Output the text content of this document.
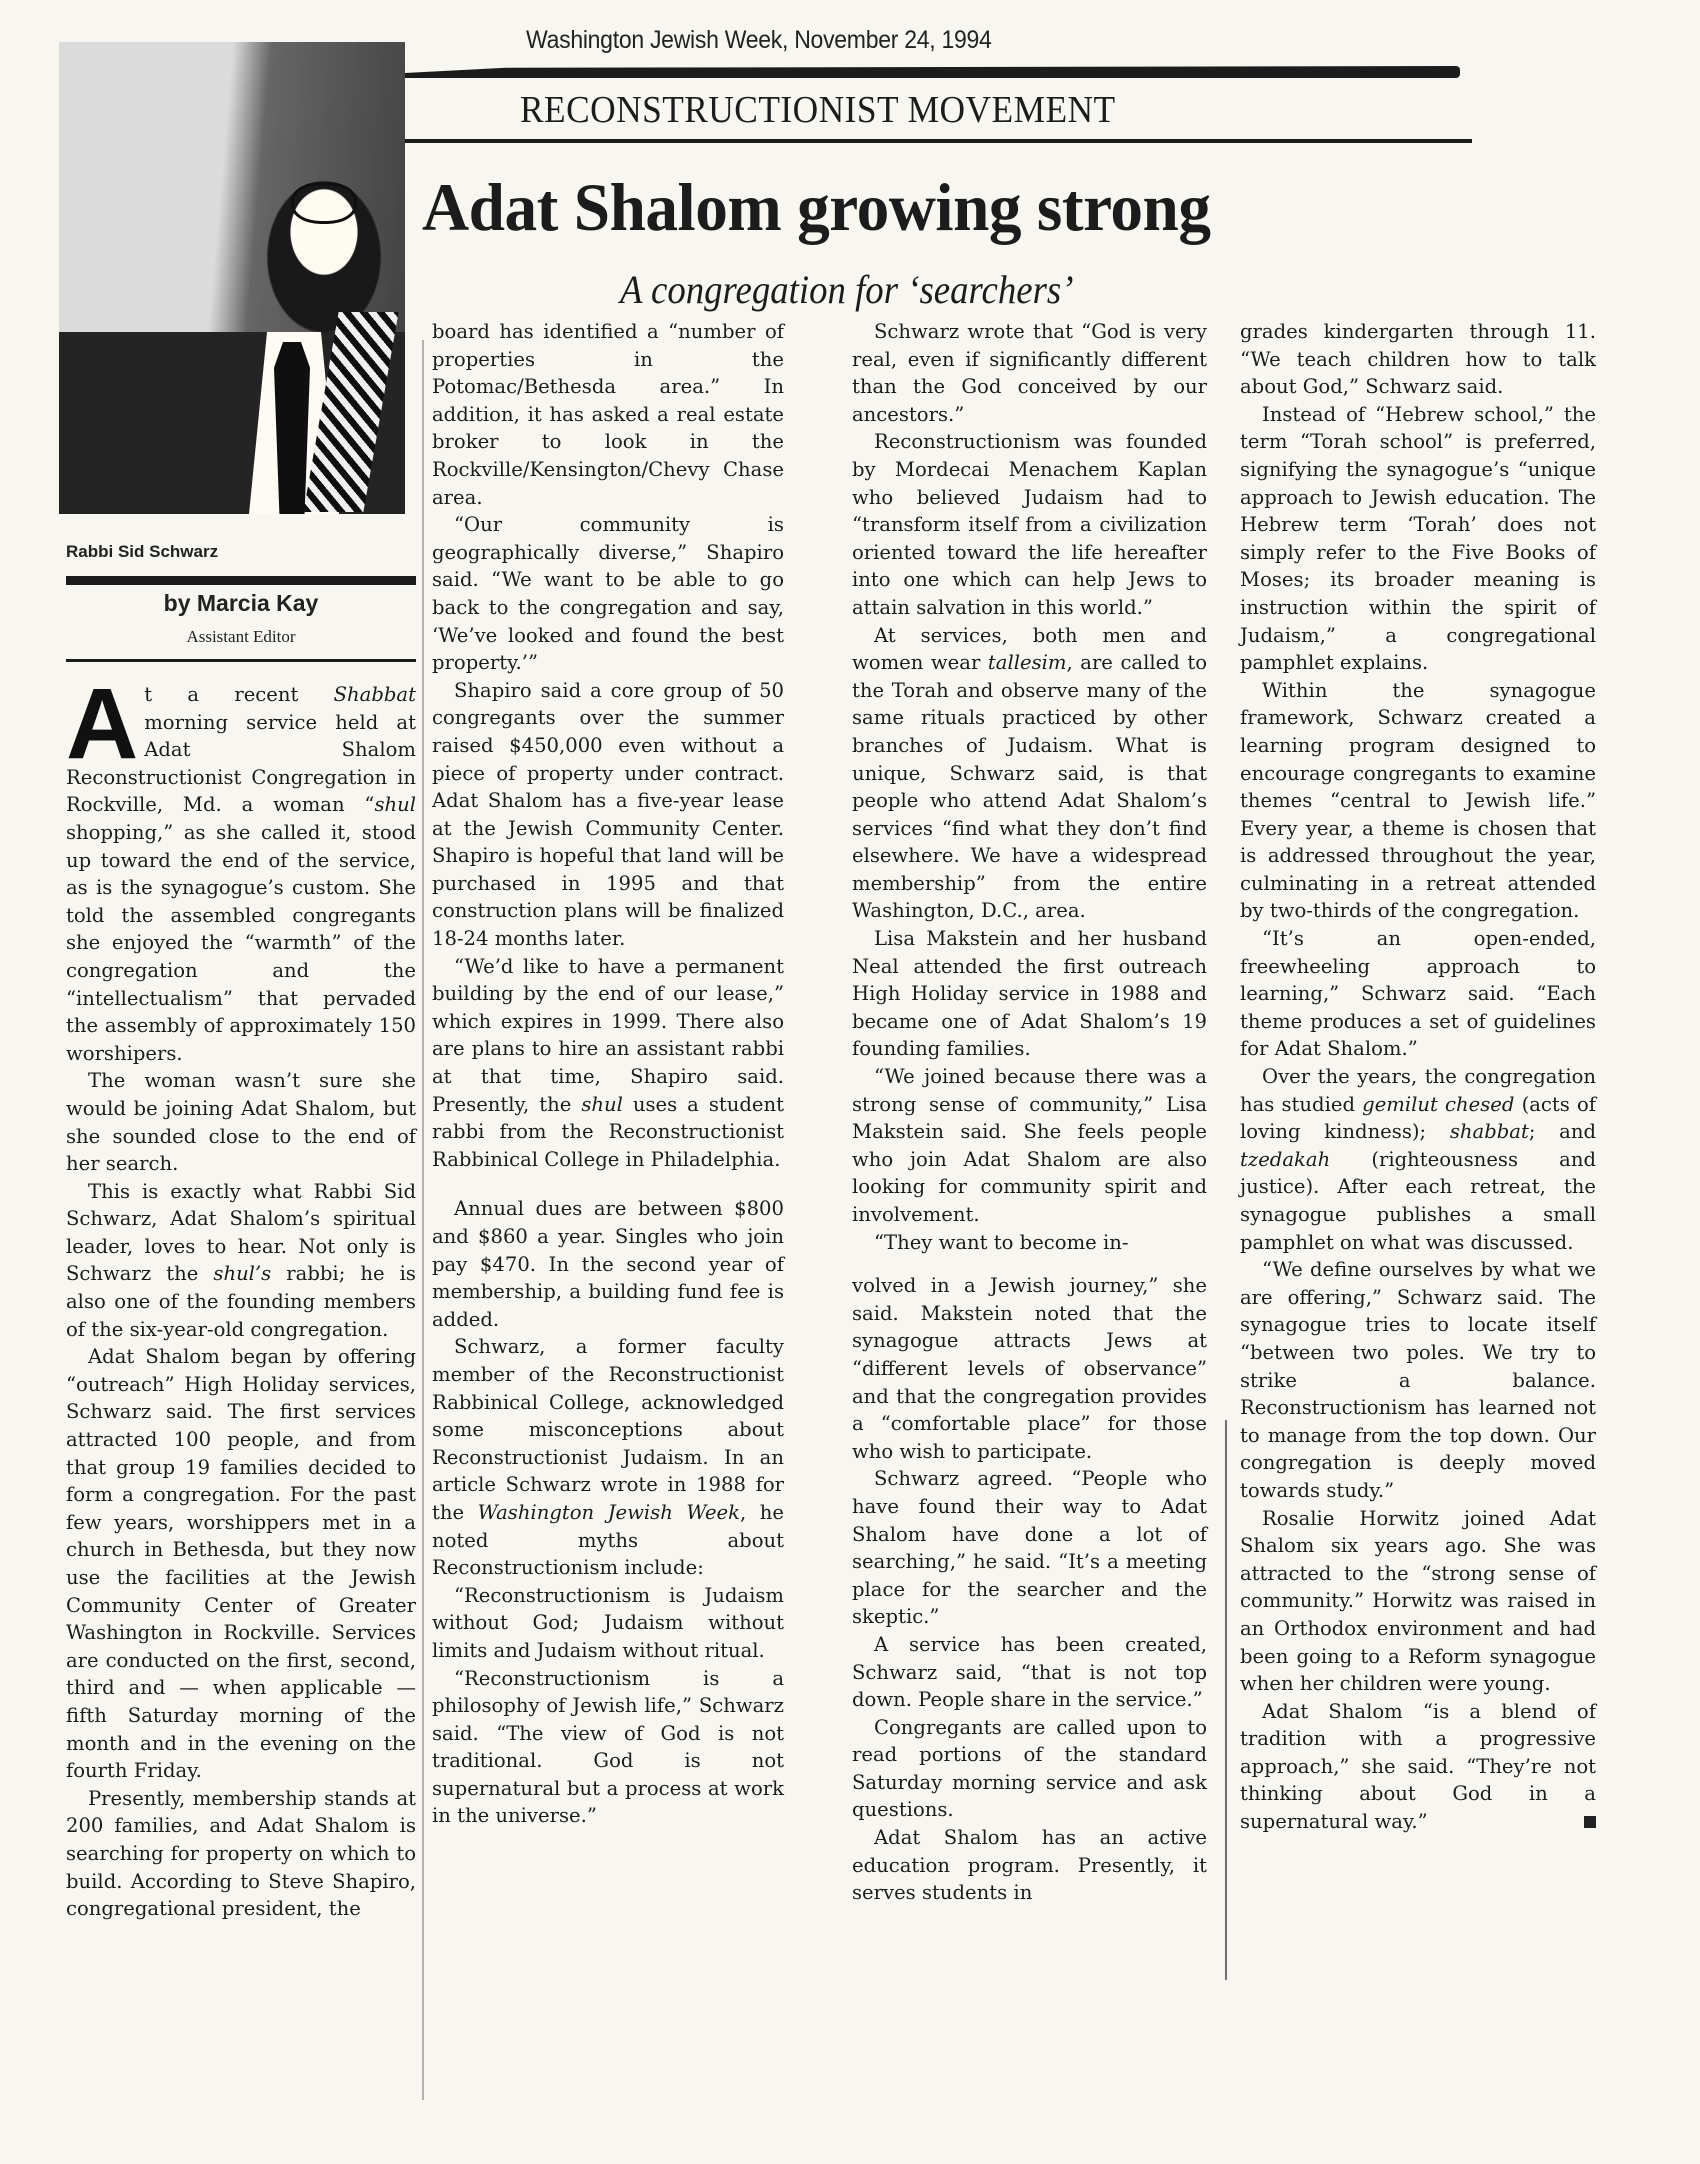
Washington Jewish Week, November 24, 1994
RECONSTRUCTIONIST MOVEMENT
Adat Shalom growing strong
A congregation for ‘searchers’
Rabbi Sid Schwarz
by Marcia Kay
Assistant Editor

At a recent Shabbat morning service held at Adat Shalom Reconstructionist Congregation in Rockville, Md. a woman “shul shopping,” as she called it, stood up toward the end of the service, as is the synagogue’s custom. She told the assembled congregants she enjoyed the “warmth” of the congregation and the “intellectualism” that pervaded the assembly of approximately 150 worshipers.

The woman wasn’t sure she would be joining Adat Shalom, but she sounded close to the end of her search.

This is exactly what Rabbi Sid Schwarz, Adat Shalom’s spiritual leader, loves to hear. Not only is Schwarz the shul’s rabbi; he is also one of the founding members of the six-year-old congregation.

Adat Shalom began by offering “outreach” High Holiday services, Schwarz said. The first services attracted 100 people, and from that group 19 families decided to form a congregation. For the past few years, worshippers met in a church in Bethesda, but they now use the facilities at the Jewish Community Center of Greater Washington in Rockville. Services are conducted on the first, second, third and — when applicable — fifth Saturday morning of the month and in the evening on the fourth Friday.

Presently, membership stands at 200 families, and Adat Shalom is searching for property on which to build. According to Steve Shapiro, congregational president, the

board has identified a “number of properties in the Potomac/Bethesda area.” In addition, it has asked a real estate broker to look in the Rockville/Kensington/Chevy Chase area.

“Our community is geographically diverse,” Shapiro said. “We want to be able to go back to the congregation and say, ‘We’ve looked and found the best property.’”

Shapiro said a core group of 50 congregants over the summer raised $450,000 even without a piece of property under contract. Adat Shalom has a five-year lease at the Jewish Community Center. Shapiro is hopeful that land will be purchased in 1995 and that construction plans will be finalized 18-24 months later.

“We’d like to have a permanent building by the end of our lease,” which expires in 1999. There also are plans to hire an assistant rabbi at that time, Shapiro said. Presently, the shul uses a student rabbi from the Reconstructionist Rabbinical College in Philadelphia.

Annual dues are between $800 and $860 a year. Singles who join pay $470. In the second year of membership, a building fund fee is added.

Schwarz, a former faculty member of the Reconstructionist Rabbinical College, acknowledged some misconceptions about Reconstructionist Judaism. In an article Schwarz wrote in 1988 for the Washington Jewish Week, he noted myths about Reconstructionism include:

“Reconstructionism is Judaism without God; Judaism without limits and Judaism without ritual.

“Reconstructionism is a philosophy of Jewish life,” Schwarz said. “The view of God is not traditional. God is not supernatural but a process at work in the universe.”

Schwarz wrote that “God is very real, even if significantly different than the God conceived by our ancestors.”

Reconstructionism was founded by Mordecai Menachem Kaplan who believed Judaism had to “transform itself from a civilization oriented toward the life hereafter into one which can help Jews to attain salvation in this world.”

At services, both men and women wear tallesim, are called to the Torah and observe many of the same rituals practiced by other branches of Judaism. What is unique, Schwarz said, is that people who attend Adat Shalom’s services “find what they don’t find elsewhere. We have a widespread membership” from the entire Washington, D.C., area.

Lisa Makstein and her husband Neal attended the first outreach High Holiday service in 1988 and became one of Adat Shalom’s 19 founding families.

“We joined because there was a strong sense of community,” Lisa Makstein said. She feels people who join Adat Shalom are also looking for community spirit and involvement.

“They want to become in-

volved in a Jewish journey,” she said. Makstein noted that the synagogue attracts Jews at “different levels of observance” and that the congregation provides a “comfortable place” for those who wish to participate.

Schwarz agreed. “People who have found their way to Adat Shalom have done a lot of searching,” he said. “It’s a meeting place for the searcher and the skeptic.”

A service has been created, Schwarz said, “that is not top down. People share in the service.”

Congregants are called upon to read portions of the standard Saturday morning service and ask questions.

Adat Shalom has an active education program. Presently, it serves students in

grades kindergarten through 11. “We teach children how to talk about God,” Schwarz said.

Instead of “Hebrew school,” the term “Torah school” is preferred, signifying the synagogue’s “unique approach to Jewish education. The Hebrew term ‘Torah’ does not simply refer to the Five Books of Moses; its broader meaning is instruction within the spirit of Judaism,” a congregational pamphlet explains.

Within the synagogue framework, Schwarz created a learning program designed to encourage congregants to examine themes “central to Jewish life.” Every year, a theme is chosen that is addressed throughout the year, culminating in a retreat attended by two-thirds of the congregation.

“It’s an open-ended, freewheeling approach to learning,” Schwarz said. “Each theme produces a set of guidelines for Adat Shalom.”

Over the years, the congregation has studied gemilut chesed (acts of loving kindness); shabbat; and tzedakah (righteousness and justice). After each retreat, the synagogue publishes a small pamphlet on what was discussed.

“We define ourselves by what we are offering,” Schwarz said. The synagogue tries to locate itself “between two poles. We try to strike a balance. Reconstructionism has learned not to manage from the top down. Our congregation is deeply moved towards study.”

Rosalie Horwitz joined Adat Shalom six years ago. She was attracted to the “strong sense of community.” Horwitz was raised in an Orthodox environment and had been going to a Reform synagogue when her children were young.

Adat Shalom “is a blend of tradition with a progressive approach,” she said. “They’re not thinking about God in a supernatural way.”
